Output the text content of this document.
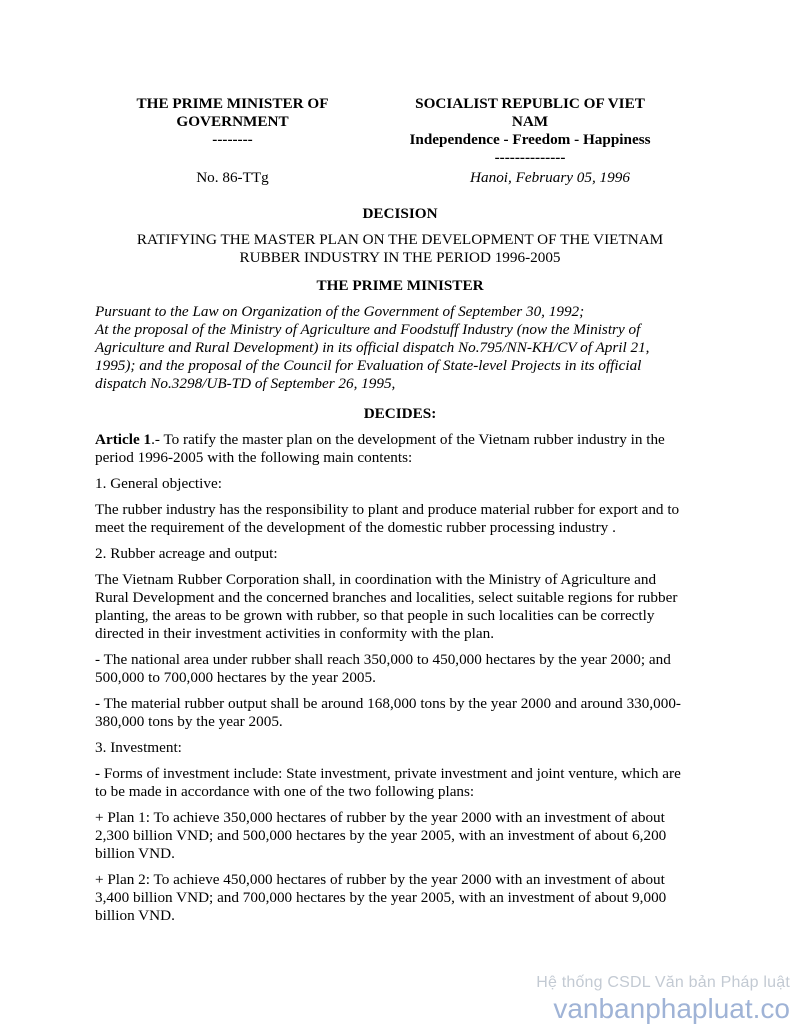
THE PRIME MINISTER OF
GOVERNMENT
--------
SOCIALIST REPUBLIC OF VIET
NAM
Independence - Freedom - Happiness
--------------
No. 86-TTg	Hanoi, February 05, 1996
DECISION
RATIFYING THE MASTER PLAN ON THE DEVELOPMENT OF THE VIETNAM
RUBBER INDUSTRY IN THE PERIOD 1996-2005
THE PRIME MINISTER
Pursuant to the Law on Organization of the Government of September 30, 1992;
At the proposal of the Ministry of Agriculture and Foodstuff Industry (now the Ministry of
Agriculture and Rural Development) in its official dispatch No.795/NN-KH/CV of April 21,
1995); and the proposal of the Council for Evaluation of State-level Projects in its official
dispatch No.3298/UB-TD of September 26, 1995,
DECIDES:
Article 1.- To ratify the master plan on the development of the Vietnam rubber industry in the
period 1996-2005 with the following main contents:
1. General objective:
The rubber industry has the responsibility to plant and produce material rubber for export and to
meet the requirement of the development of the domestic rubber processing industry .
2. Rubber acreage and output:
The Vietnam Rubber Corporation shall, in coordination with the Ministry of Agriculture and
Rural Development and the concerned branches and localities, select suitable regions for rubber
planting, the areas to be grown with rubber, so that people in such localities can be correctly
directed in their investment activities in conformity with the plan.
- The national area under rubber shall reach 350,000 to 450,000 hectares by the year 2000; and
500,000 to 700,000 hectares by the year 2005.
- The material rubber output shall be around 168,000 tons by the year 2000 and around 330,000-
380,000 tons by the year 2005.
3. Investment:
- Forms of investment include: State investment, private investment and joint venture, which are
to be made in accordance with one of the two following plans:
+ Plan 1: To achieve 350,000 hectares of rubber by the year 2000 with an investment of about
2,300 billion VND; and 500,000 hectares by the year 2005, with an investment of about 6,200
billion VND.
+ Plan 2: To achieve 450,000 hectares of rubber by the year 2000 with an investment of about
3,400 billion VND; and 700,000 hectares by the year 2005, with an investment of about 9,000
billion VND.
Hệ thống CSDL Văn bản Pháp luật
vanbanphapluat.co
